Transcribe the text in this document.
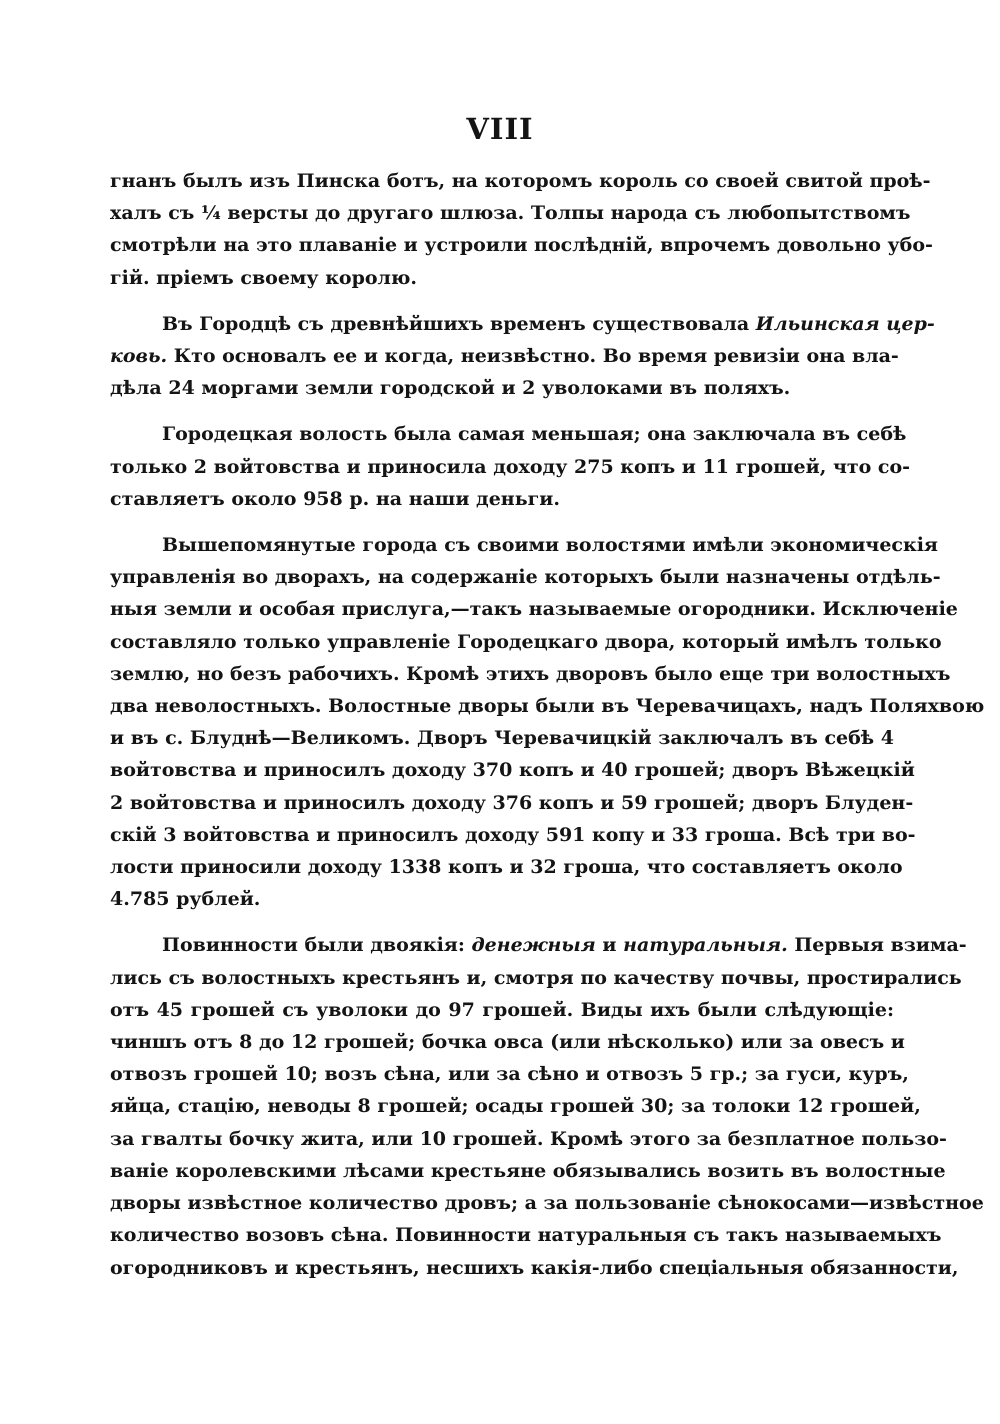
VIII

гнанъ былъ изъ Пинска ботъ, на которомъ король со своей свитой проѣ-
халъ съ ¼ версты до другаго шлюза. Толпы народа съ любопытствомъ
смотрѣли на это плаваніе и устроили послѣдній, впрочемъ довольно убо-
гій. пріемъ своему королю.

Въ Городцѣ съ древнѣйшихъ временъ существовала Ильинская цер-
ковь. Кто основалъ ее и когда, неизвѣстно. Во время ревизіи она вла-
дѣла 24 моргами земли городской и 2 уволоками въ поляхъ.

Городецкая волость была самая меньшая; она заключала въ себѣ
только 2 войтовства и приносила доходу 275 копъ и 11 грошей, что со-
ставляетъ около 958 р. на наши деньги.

Вышепомянутые города съ своими волостями имѣли экономическія
управленія во дворахъ, на содержаніе которыхъ были назначены отдѣль-
ныя земли и особая прислуга,—такъ называемые огородники. Исключеніе
составляло только управленіе Городецкаго двора, который имѣлъ только
землю, но безъ рабочихъ. Кромѣ этихъ дворовъ было еще три волостныхъ
два неволостныхъ. Волостные дворы были въ Черевачицахъ, надъ Поляхвою
и въ с. Блуднѣ—Великомъ. Дворъ Черевачицкій заключалъ въ себѣ 4
войтовства и приносилъ доходу 370 копъ и 40 грошей; дворъ Вѣжецкій
2 войтовства и приносилъ доходу 376 копъ и 59 грошей; дворъ Блуден-
скій 3 войтовства и приносилъ доходу 591 копу и 33 гроша. Всѣ три во-
лости приносили доходу 1338 копъ и 32 гроша, что составляетъ около
4.785 рублей.

Повинности были двоякія: денежныя и натуральныя. Первыя взима-
лись съ волостныхъ крестьянъ и, смотря по качеству почвы, простирались
отъ 45 грошей съ уволоки до 97 грошей. Виды ихъ были слѣдующіе:
чиншъ отъ 8 до 12 грошей; бочка овса (или нѣсколько) или за овесъ и
отвозъ грошей 10; возъ сѣна, или за сѣно и отвозъ 5 гр.; за гуси, куръ,
яйца, стацію, неводы 8 грошей; осады грошей 30; за толоки 12 грошей,
за гвалты бочку жита, или 10 грошей. Кромѣ этого за безплатное пользо-
ваніе королевскими лѣсами крестьяне обязывались возить въ волостные
дворы извѣстное количество дровъ; а за пользованіе сѣнокосами—извѣстное
количество возовъ сѣна. Повинности натуральныя съ такъ называемыхъ
огородниковъ и крестьянъ, несшихъ какія-либо спеціальныя обязанности,
